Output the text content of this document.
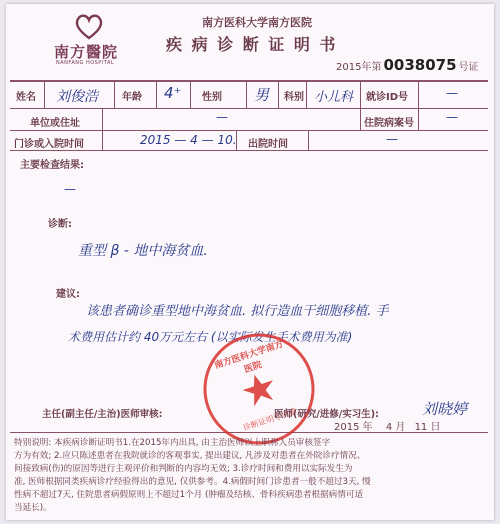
南方醫院
NANFANG HOSPITAL
南方医科大学南方医院
疾 病 诊 断 证 明 书
2015年第 0038075 号证
姓名 刘俊浩 年龄 4⁺ 性别 男 科别 小儿科 就诊ID号	—
单位或住址	—	住院病案号	—
门诊或入院时间	2015 — 4 — 10. 出院时间	—
主要检查结果:
—
诊断:
重型 β - 地中海贫血.
建议:
该患者确诊重型地中海贫血. 拟行造血干细胞移植. 手
术费用估计约 40万元左右 (以实际发生手术费用为准)
南方医科大学南方医院
诊断证明专用章
主任(副主任/主治)医师审核:	医师(研究/进修/实习生):	刘晓婷
2015 年 4 月 11 日
特别说明: 本疾病诊断证明书1.在2015年内出具, 由主治医师以上职称人员审核签字
方为有效; 2.应只陈述患者在我院就诊的客观事实, 提出建议, 凡涉及对患者在外院诊疗情况、
间接致病(伤)的原因等进行主观评价和判断的内容均无效; 3.诊疗时间和费用以实际发生为
准, 医师根据同类疾病诊疗经验得出的意见, 仅供参考。4.病假时间门诊患者一般不超过3天, 慢
性病不超过7天, 住院患者病假原则上不超过1个月 (肿瘤及结核、骨科疾病患者根据病情可适
当延长)。
